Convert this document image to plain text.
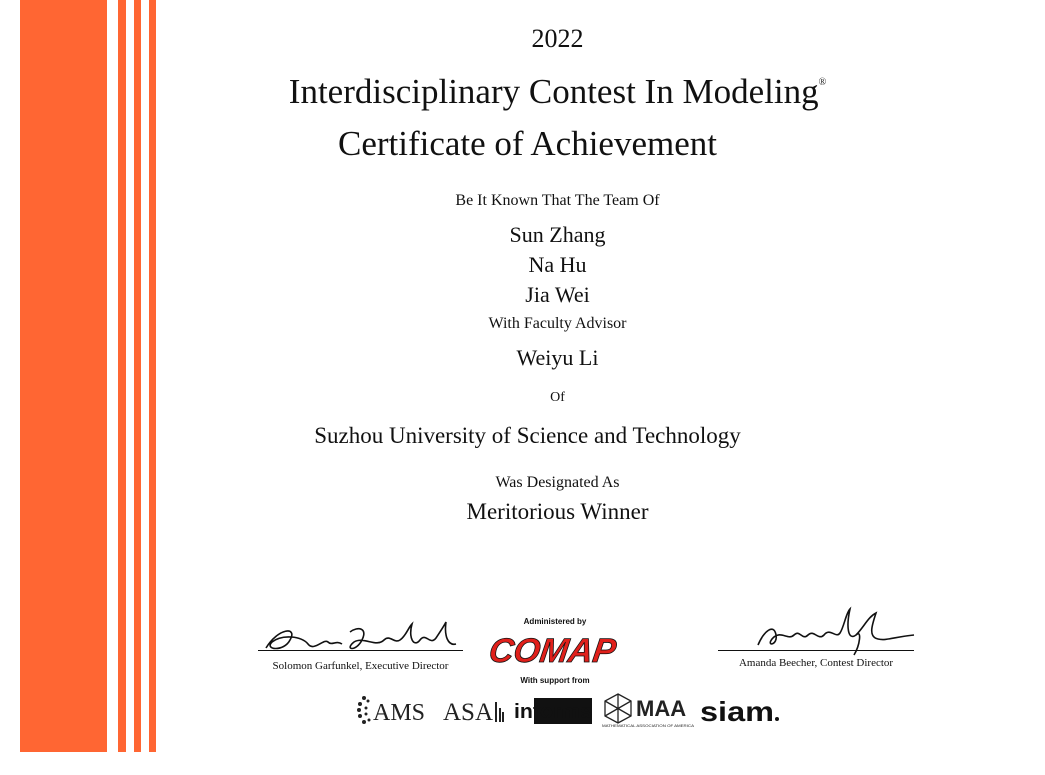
2022
Interdisciplinary Contest In Modeling®
Certificate of Achievement
Be It Known That The Team Of
Sun Zhang
Na Hu
Jia Wei
With Faculty Advisor
Weiyu Li
Of
Suzhou University of Science and Technology
Was Designated As
Meritorious Winner
Solomon Garfunkel, Executive Director	Amanda Beecher, Contest Director
Administered by
COMAP
With support from
AMS ASA informs MAA
MATHEMATICAL ASSOCIATION OF AMERICA siam
